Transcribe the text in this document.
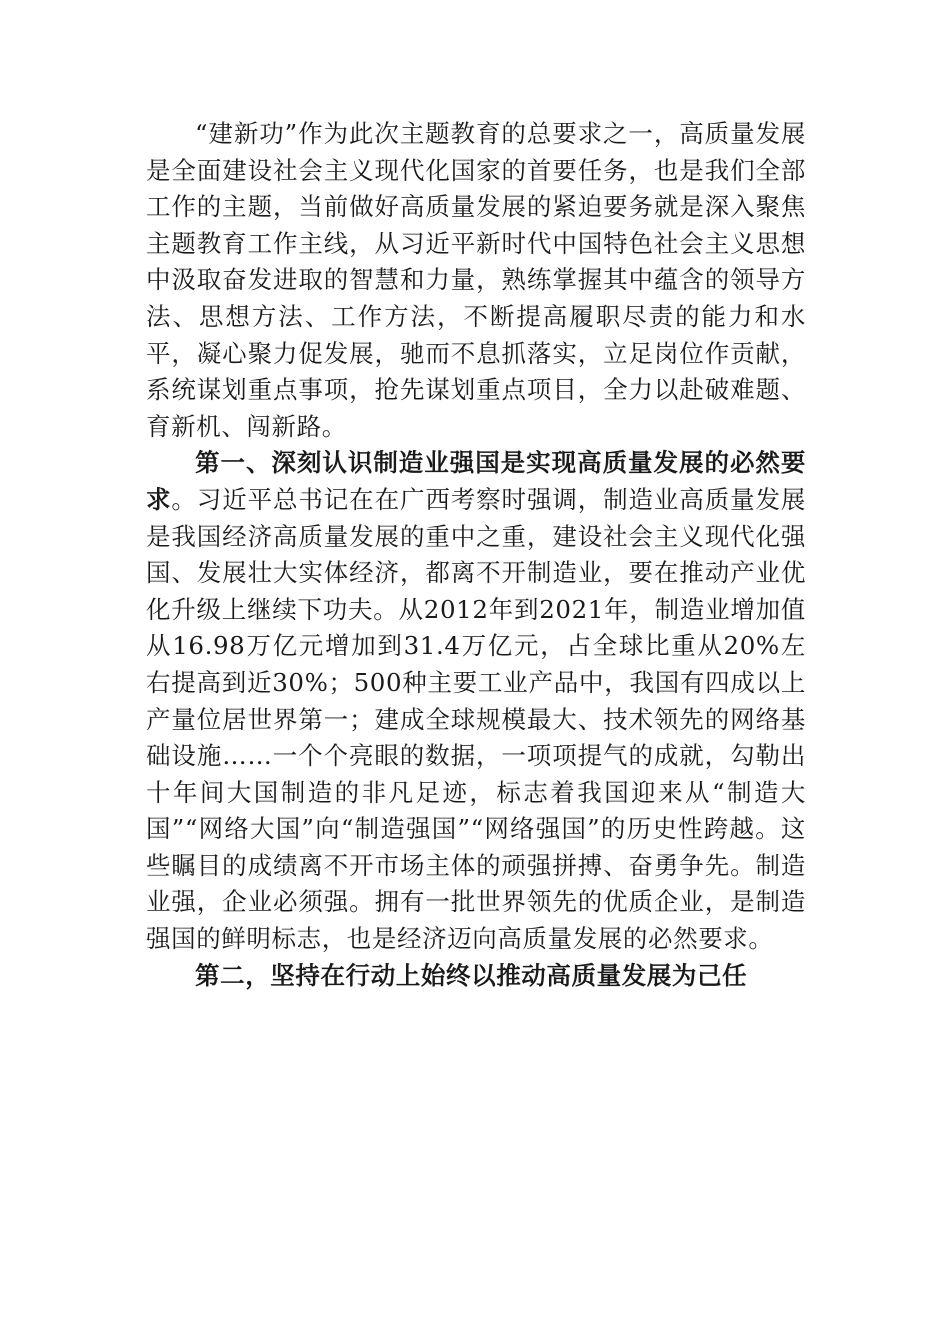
“建新功”作为此次主题教育的总要求之一，高质量发展是全面建设社会主义现代化国家的首要任务，也是我们全部工作的主题，当前做好高质量发展的紧迫要务就是深入聚焦主题教育工作主线，从习近平新时代中国特色社会主义思想中汲取奋发进取的智慧和力量，熟练掌握其中蕴含的领导方法、思想方法、工作方法，不断提高履职尽责的能力和水平，凝心聚力促发展，驰而不息抓落实，立足岗位作贡献，系统谋划重点事项，抢先谋划重点项目，全力以赴破难题、育新机、闯新路。

第一、深刻认识制造业强国是实现高质量发展的必然要求。习近平总书记在在广西考察时强调，制造业高质量发展是我国经济高质量发展的重中之重，建设社会主义现代化强国、发展壮大实体经济，都离不开制造业，要在推动产业优化升级上继续下功夫。从2012年到2021年，制造业增加值从16.98万亿元增加到31.4万亿元，占全球比重从20%左右提高到近30%；500种主要工业产品中，我国有四成以上产量位居世界第一；建成全球规模最大、技术领先的网络基础设施……一个个亮眼的数据，一项项提气的成就，勾勒出十年间大国制造的非凡足迹，标志着我国迎来从“制造大国”“网络大国”向“制造强国”“网络强国”的历史性跨越。这些瞩目的成绩离不开市场主体的顽强拼搏、奋勇争先。制造业强，企业必须强。拥有一批世界领先的优质企业，是制造强国的鲜明标志，也是经济迈向高质量发展的必然要求。

第二，坚持在行动上始终以推动高质量发展为己任
